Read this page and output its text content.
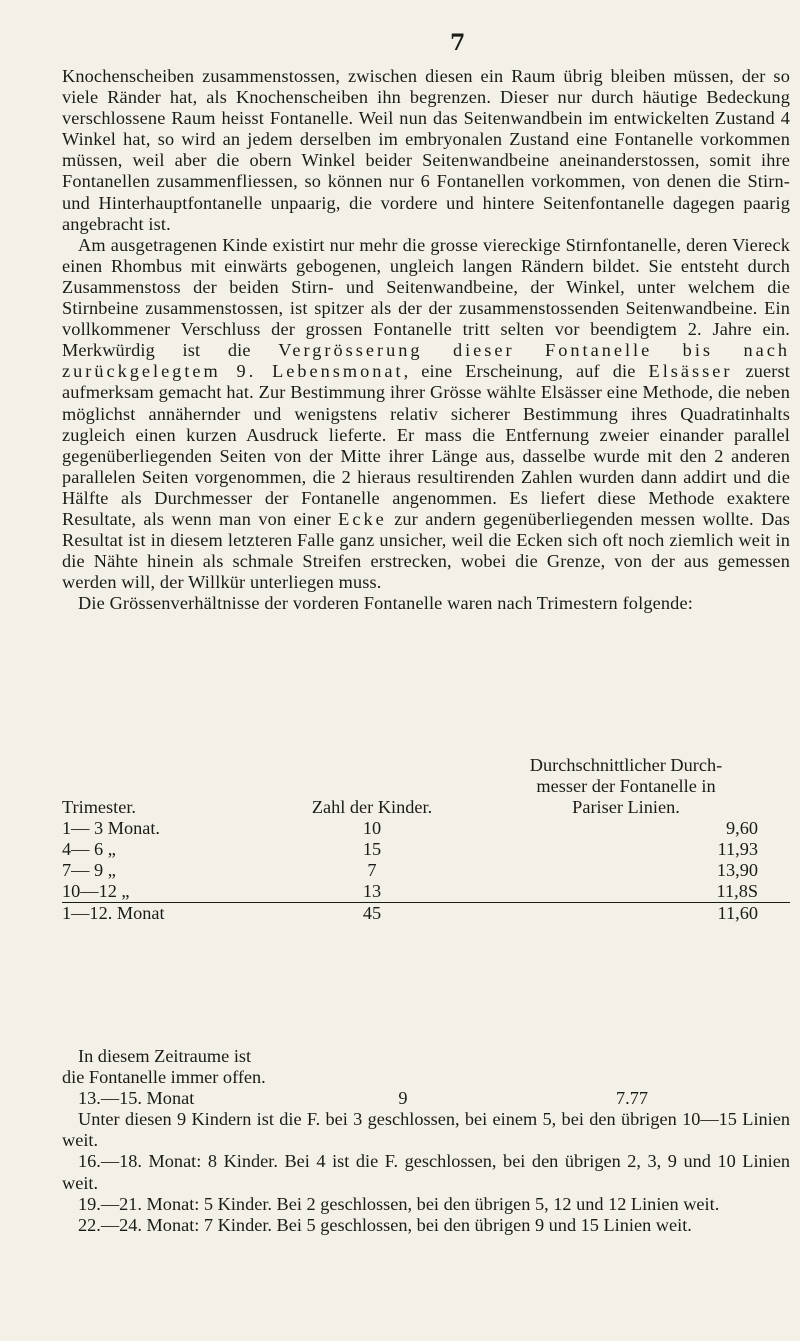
7

Knochenscheiben zusammenstossen, zwischen diesen ein Raum übrig bleiben müssen, der so viele Ränder hat, als Knochenscheiben ihn begrenzen. Dieser nur durch häutige Bedeckung verschlossene Raum heisst Fontanelle. Weil nun das Seitenwandbein im entwickelten Zustand 4 Winkel hat, so wird an jedem derselben im embryonalen Zustand eine Fontanelle vorkommen müssen, weil aber die obern Winkel beider Seitenwandbeine aneinanderstossen, somit ihre Fontanellen zusammenfliessen, so können nur 6 Fontanellen vorkommen, von denen die Stirn- und Hinterhauptfontanelle unpaarig, die vordere und hintere Seitenfontanelle dagegen paarig angebracht ist.

Am ausgetragenen Kinde existirt nur mehr die grosse viereckige Stirnfontanelle, deren Viereck einen Rhombus mit einwärts gebogenen, ungleich langen Rändern bildet. Sie entsteht durch Zusammenstoss der beiden Stirn- und Seitenwandbeine, der Winkel, unter welchem die Stirnbeine zusammenstossen, ist spitzer als der der zusammenstossenden Seitenwandbeine. Ein vollkommener Verschluss der grossen Fontanelle tritt selten vor beendigtem 2. Jahre ein. Merkwürdig ist die Vergrösserung dieser Fontanelle bis nach zurückgelegtem 9. Lebensmonat, eine Erscheinung, auf die Elsässer zuerst aufmerksam gemacht hat. Zur Bestimmung ihrer Grösse wählte Elsässer eine Methode, die neben möglichst annähernder und wenigstens relativ sicherer Bestimmung ihres Quadratinhalts zugleich einen kurzen Ausdruck lieferte. Er mass die Entfernung zweier einander parallel gegenüberliegenden Seiten von der Mitte ihrer Länge aus, dasselbe wurde mit den 2 anderen parallelen Seiten vorgenommen, die 2 hieraus resultirenden Zahlen wurden dann addirt und die Hälfte als Durchmesser der Fontanelle angenommen. Es liefert diese Methode exaktere Resultate, als wenn man von einer Ecke zur andern gegenüberliegenden messen wollte. Das Resultat ist in diesem letzteren Falle ganz unsicher, weil die Ecken sich oft noch ziemlich weit in die Nähte hinein als schmale Streifen erstrecken, wobei die Grenze, von der aus gemessen werden will, der Willkür unterliegen muss.

Die Grössenverhältnisse der vorderen Fontanelle waren nach Trimestern folgende:

		Durchschnittlicher Durch-
messer der Fontanelle in

Trimester.	Zahl der Kinder.	Pariser Linien.
1— 3 Monat.	10	9,60
4— 6 „	15	11,93
7— 9 „	7	13,90
10—12 „	13	11,8S
1—12. Monat	45	11,60

In diesem Zeitraume ist

die Fontanelle immer offen.

13.—15. Monat	9	7.77

Unter diesen 9 Kindern ist die F. bei 3 geschlossen, bei einem 5, bei den übrigen 10—15 Linien weit.

16.—18. Monat: 8 Kinder. Bei 4 ist die F. geschlossen, bei den übrigen 2, 3, 9 und 10 Linien weit.

19.—21. Monat: 5 Kinder. Bei 2 geschlossen, bei den übrigen 5, 12 und 12 Linien weit.

22.—24. Monat: 7 Kinder. Bei 5 geschlossen, bei den übrigen 9 und 15 Linien weit.
